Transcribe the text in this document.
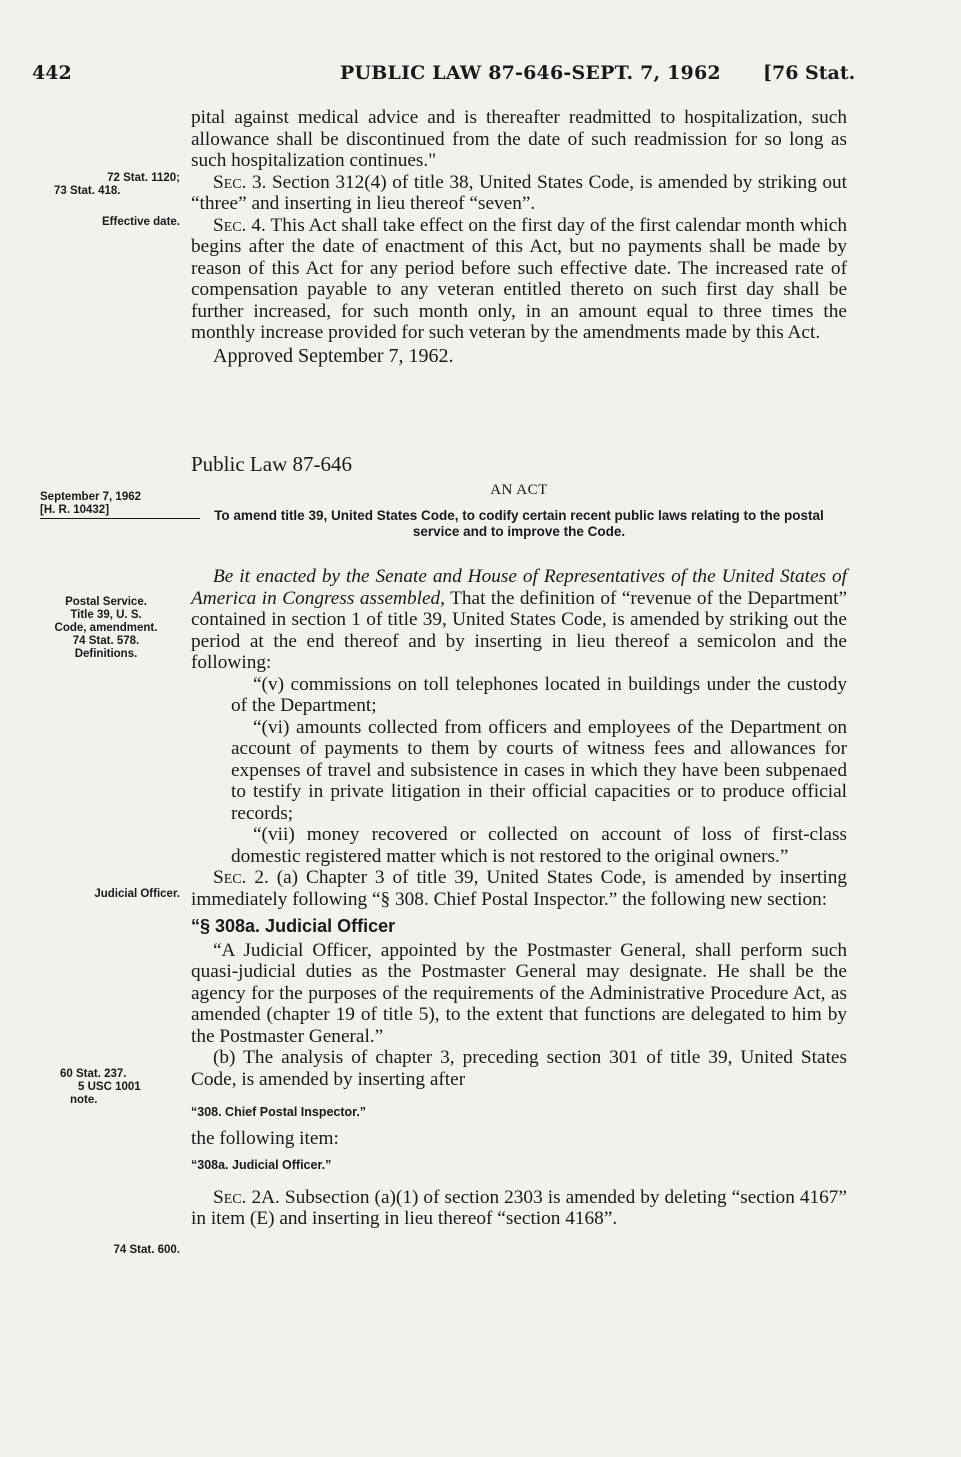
442	PUBLIC LAW 87-646-SEPT. 7, 1962 [76 Stat.

72 Stat. 1120;
73 Stat. 418.
Effective date.
September 7, 1962
[H. R. 10432]
Postal Service.
Title 39, U. S.
Code, amendment.
74 Stat. 578.
Definitions.
Judicial Officer.
60 Stat. 237.
5 USC 1001
note.
74 Stat. 600.

pital against medical advice and is thereafter readmitted to hospitalization, such allowance shall be discontinued from the date of such readmission for so long as such hospitalization continues."

Sec. 3. Section 312(4) of title 38, United States Code, is amended by striking out “three” and inserting in lieu thereof “seven”.

Sec. 4. This Act shall take effect on the first day of the first calendar month which begins after the date of enactment of this Act, but no payments shall be made by reason of this Act for any period before such effective date. The increased rate of compensation payable to any veteran entitled thereto on such first day shall be further increased, for such month only, in an amount equal to three times the monthly increase provided for such veteran by the amendments made by this Act.

Approved September 7, 1962.

Public Law 87-646
AN ACT
To amend title 39, United States Code, to codify certain recent public laws relating to the postal service and to improve the Code.

Be it enacted by the Senate and House of Representatives of the United States of America in Congress assembled, That the definition of “revenue of the Department” contained in section 1 of title 39, United States Code, is amended by striking out the period at the end thereof and by inserting in lieu thereof a semicolon and the following:

“(v) commissions on toll telephones located in buildings under the custody of the Department;

“(vi) amounts collected from officers and employees of the Department on account of payments to them by courts of witness fees and allowances for expenses of travel and subsistence in cases in which they have been subpenaed to testify in private litigation in their official capacities or to produce official records;

“(vii) money recovered or collected on account of loss of first-class domestic registered matter which is not restored to the original owners.”

Sec. 2. (a) Chapter 3 of title 39, United States Code, is amended by inserting immediately following “§ 308. Chief Postal Inspector.” the following new section:

“§ 308a. Judicial Officer

“A Judicial Officer, appointed by the Postmaster General, shall perform such quasi-judicial duties as the Postmaster General may designate. He shall be the agency for the purposes of the requirements of the Administrative Procedure Act, as amended (chapter 19 of title 5), to the extent that functions are delegated to him by the Postmaster General.”

(b) The analysis of chapter 3, preceding section 301 of title 39, United States Code, is amended by inserting after

“308. Chief Postal Inspector.”

the following item:

“308a. Judicial Officer.”

Sec. 2A. Subsection (a)(1) of section 2303 is amended by deleting “section 4167” in item (E) and inserting in lieu thereof “section 4168”.
